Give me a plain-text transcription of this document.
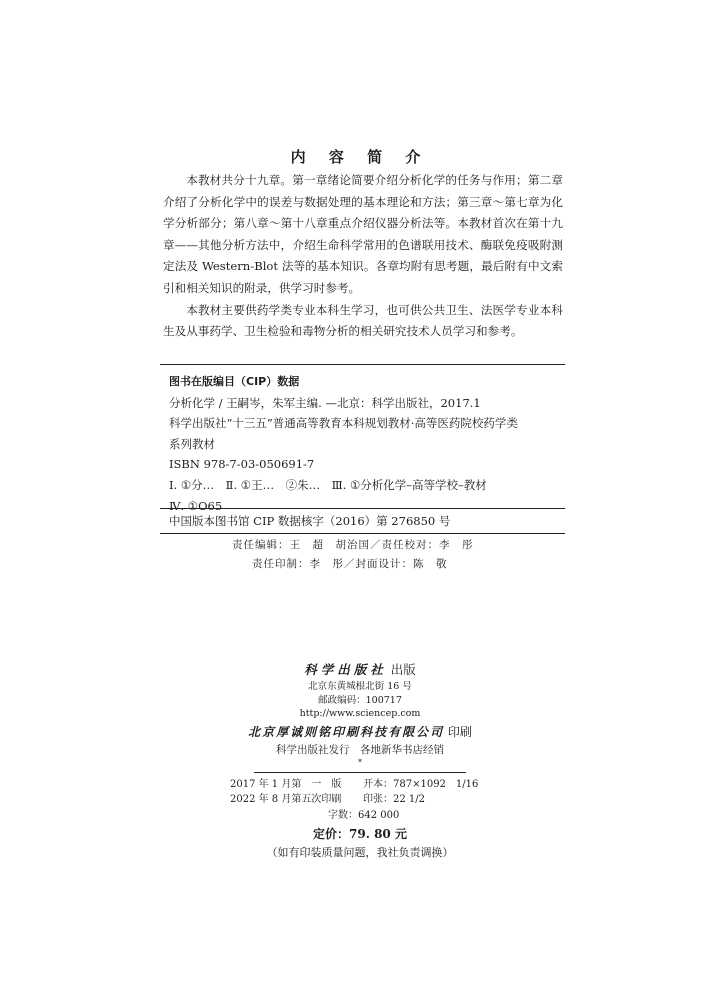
内 容 简 介

本教材共分十九章。第一章绪论简要介绍分析化学的任务与作用；第二章介绍了分析化学中的误差与数据处理的基本理论和方法；第三章～第七章为化学分析部分；第八章～第十八章重点介绍仪器分析法等。本教材首次在第十九章——其他分析方法中，介绍生命科学常用的色谱联用技术、酶联免疫吸附测定法及 Western-Blot 法等的基本知识。各章均附有思考题，最后附有中文索引和相关知识的附录，供学习时参考。

本教材主要供药学类专业本科生学习，也可供公共卫生、法医学专业本科生及从事药学、卫生检验和毒物分析的相关研究技术人员学习和参考。

图书在版编目（CIP）数据
分析化学 / 王嗣岑，朱军主编. —北京：科学出版社，2017.1
科学出版社“十三五”普通高等教育本科规划教材·高等医药院校药学类
系列教材
ISBN 978-7-03-050691-7
Ⅰ. ①分…　Ⅱ. ①王…　②朱…　Ⅲ. ①分析化学–高等学校–教材
Ⅳ. ①O65
中国版本图书馆 CIP 数据核字（2016）第 276850 号
责任编辑：王　超　胡治国／责任校对：李　彤
责任印制：李　彤／封面设计：陈　敬
科学出版社 出版
北京东黄城根北街 16 号
邮政编码：100717
http://www.sciencep.com
北京厚诚则铭印刷科技有限公司 印刷
科学出版社发行　各地新华书店经销
*
2017 年 1 月第　一　版	开本：787×1092　1/16
2022 年 8 月第五次印刷	印张：22 1/2
字数：642 000
定价：79. 80 元
（如有印装质量问题，我社负责调换）
